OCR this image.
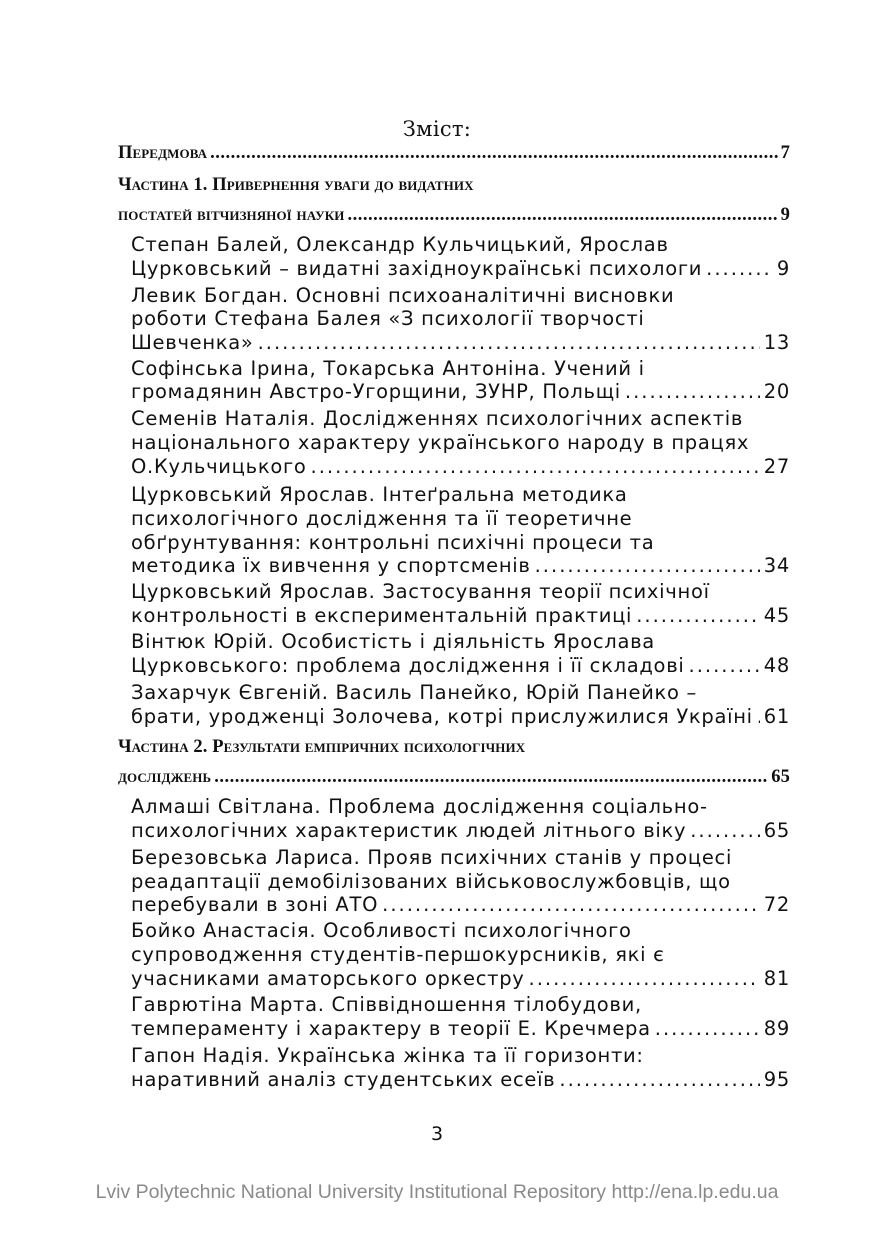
Зміст:
Передмова .....	7
Частина 1. Привернення уваги до видатних
постатей вітчизняної науки .....	9
Степан Балей, Олександр Кульчицький, Ярослав
Цурковський – видатні західноукраїнські психологи .....	9
Левик Богдан. Основні психоаналітичні висновки
роботи Стефана Балея «З психології творчості
Шевченка» .....	13
Софінська Ірина, Токарська Антоніна. Учений і
громадянин Австро-Угорщини, ЗУНР, Польщі .....	20
Семенів Наталія. Дослідженнях психологічних аспектів
національного характеру українського народу в працях
О.Кульчицького .....	27
Цурковський Ярослав. Інтеґральна методика
психологічного дослідження та її теоретичне
обґрунтування: контрольні психічні процеси та
методика їх вивчення у спортсменів .....	34
Цурковський Ярослав. Застосування теорії психічної
контрольності в експериментальній практиці .....	45
Вінтюк Юрій. Особистість і діяльність Ярослава
Цурковського: проблема дослідження і її складові .....	48
Захарчук Євгеній. Василь Панейко, Юрій Панейко –
брати, уродженці Золочева, котрі прислужилися Україні ..... 61
Частина 2. Результати емпіричних психологічних
досліджень .....	65
Алмаші Світлана. Проблема дослідження соціально-
психологічних характеристик людей літнього віку .....	65
Березовська Лариса. Прояв психічних станів у процесі
реадаптації демобілізованих військовослужбовців, що
перебували в зоні АТО .....	72
Бойко Анастасія. Особливості психологічного
супроводження студентів-першокурсників, які є
учасниками аматорського оркестру .....	81
Гаврютіна Марта. Співвідношення тілобудови,
темпераменту і характеру в теорії Е. Кречмера .....	89
Гапон Надія. Українська жінка та її горизонти:
наративний аналіз студентських есеїв .....	95
3
Lviv Polytechnic National University Institutional Repository http://ena.lp.edu.ua
